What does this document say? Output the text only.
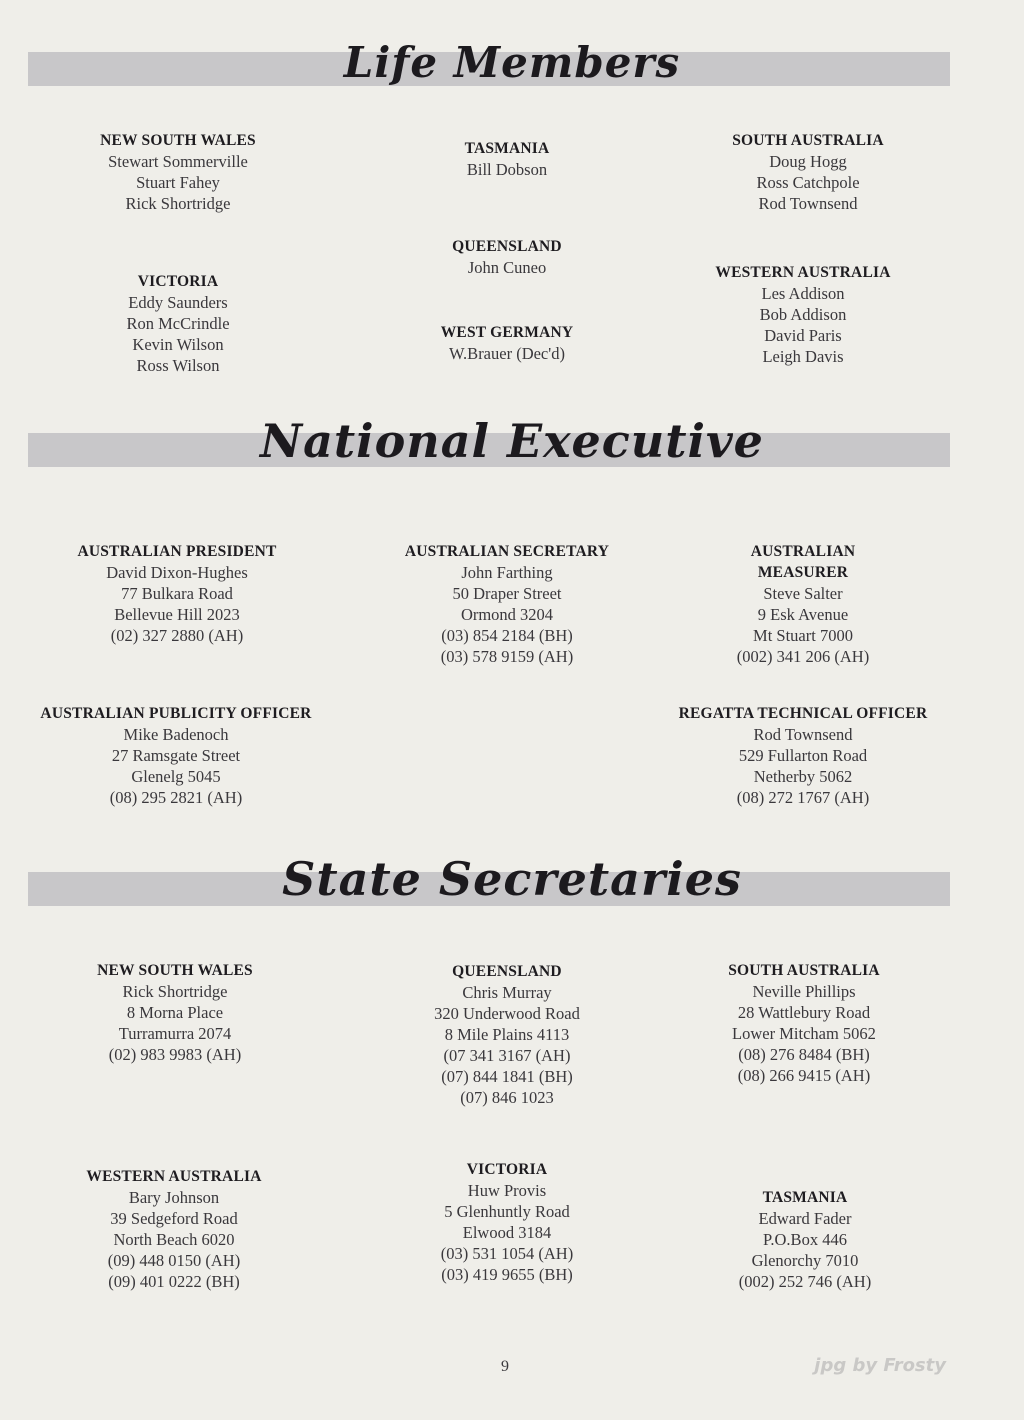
Life Members
National Executive
State Secretaries
NEW SOUTH WALES
Stewart Sommerville
Stuart Fahey
Rick Shortridge
TASMANIA
Bill Dobson
SOUTH AUSTRALIA
Doug Hogg
Ross Catchpole
Rod Townsend
VICTORIA
Eddy Saunders
Ron McCrindle
Kevin Wilson
Ross Wilson
QUEENSLAND
John Cuneo
WEST GERMANY
W.Brauer (Dec'd)
WESTERN AUSTRALIA
Les Addison
Bob Addison
David Paris
Leigh Davis
AUSTRALIAN PRESIDENT
David Dixon-Hughes
77 Bulkara Road
Bellevue Hill 2023
(02) 327 2880 (AH)
AUSTRALIAN SECRETARY
John Farthing
50 Draper Street
Ormond 3204
(03) 854 2184 (BH)
(03) 578 9159 (AH)
AUSTRALIAN
MEASURER
Steve Salter
9 Esk Avenue
Mt Stuart 7000
(002) 341 206 (AH)
AUSTRALIAN PUBLICITY OFFICER
Mike Badenoch
27 Ramsgate Street
Glenelg 5045
(08) 295 2821 (AH)
REGATTA TECHNICAL OFFICER
Rod Townsend
529 Fullarton Road
Netherby 5062
(08) 272 1767 (AH)
NEW SOUTH WALES
Rick Shortridge
8 Morna Place
Turramurra 2074
(02) 983 9983 (AH)
QUEENSLAND
Chris Murray
320 Underwood Road
8 Mile Plains 4113
(07 341 3167 (AH)
(07) 844 1841 (BH)
(07) 846 1023
SOUTH AUSTRALIA
Neville Phillips
28 Wattlebury Road
Lower Mitcham 5062
(08) 276 8484 (BH)
(08) 266 9415 (AH)
WESTERN AUSTRALIA
Bary Johnson
39 Sedgeford Road
North Beach 6020
(09) 448 0150 (AH)
(09) 401 0222 (BH)
VICTORIA
Huw Provis
5 Glenhuntly Road
Elwood 3184
(03) 531 1054 (AH)
(03) 419 9655 (BH)
TASMANIA
Edward Fader
P.O.Box 446
Glenorchy 7010
(002) 252 746 (AH)
9	jpg by Frosty
